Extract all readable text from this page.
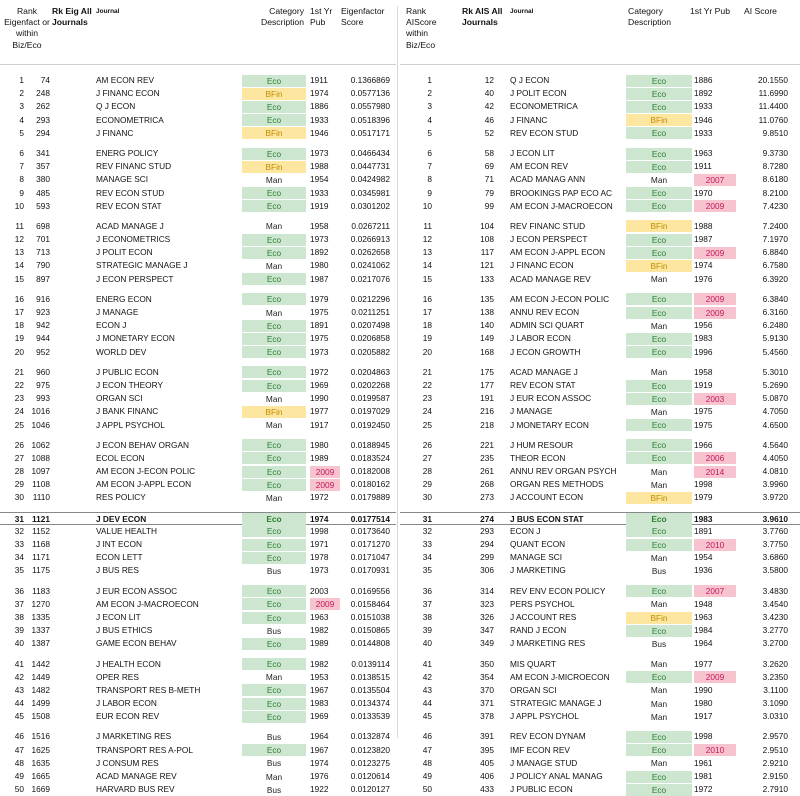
Rank Eigenfact or within Biz/Eco
Rk Eig All Journals
Journal	Category Description
1st Yr Pub
Eigenfactor Score
1	74	AM ECON REV	Eco	1911	0.1366869
2	248	J FINANC ECON	BFin	1974	0.0577136
3	262	Q J ECON	Eco	1886	0.0557980
4	293	ECONOMETRICA	Eco	1933	0.0518396
5	294	J FINANC	BFin	1946	0.0517171
6	341	ENERG POLICY	Eco	1973	0.0466434
7	357	REV FINANC STUD	BFin	1988	0.0447731
8	380	MANAGE SCI	Man	1954	0.0424982
9	485	REV ECON STUD	Eco	1933	0.0345981
10	593	REV ECON STAT	Eco	1919	0.0301202
11	698	ACAD MANAGE J	Man	1958	0.0267211
12	701	J ECONOMETRICS	Eco	1973	0.0266913
13	713	J POLIT ECON	Eco	1892	0.0262658
14	790	STRATEGIC MANAGE J	Man	1980	0.0241062
15	897	J ECON PERSPECT	Eco	1987	0.0217076
16	916	ENERG ECON	Eco	1979	0.0212296
17	923	J MANAGE	Man	1975	0.0211251
18	942	ECON J	Eco	1891	0.0207498
19	944	J MONETARY ECON	Eco	1975	0.0206858
20	952	WORLD DEV	Eco	1973	0.0205882
21	960	J PUBLIC ECON	Eco	1972	0.0204863
22	975	J ECON THEORY	Eco	1969	0.0202268
23	993	ORGAN SCI	Man	1990	0.0199587
24 1016	J BANK FINANC	BFin	1977	0.0197029
25 1046	J APPL PSYCHOL	Man	1917	0.0192450
26 1062	J ECON BEHAV ORGAN	Eco	1980	0.0188945
27 1088	ECOL ECON	Eco	1989	0.0183524
28 1097	AM ECON J-ECON POLIC	Eco	2009	0.0182008
29 1108	AM ECON J-APPL ECON	Eco	2009	0.0180162
30	1110	RES POLICY	Man	1972	0.0179889
31 1121	J DEV ECON	Eco	1974	0.0177514
32 1152	VALUE HEALTH	Eco	1998	0.0173640
33 1168	J INT ECON	Eco	1971	0.0171270
34 1171	ECON LETT	Eco	1978	0.0171047
35 1175	J BUS RES	Bus	1973	0.0170931
36 1183	J EUR ECON ASSOC	Eco	2003	0.0169556
37 1270	AM ECON J-MACROECON	Eco	2009	0.0158464
38 1335	J ECON LIT	Eco	1963	0.0151038
39 1337	J BUS ETHICS	Bus	1982	0.0150865
40 1387	GAME ECON BEHAV	Eco	1989	0.0144808
41 1442	J HEALTH ECON	Eco	1982	0.0139114
42 1449	OPER RES	Man	1953	0.0138515
43 1482	TRANSPORT RES B-METH	Eco	1967	0.0135504
44 1499	J LABOR ECON	Eco	1983	0.0134374
45 1508	EUR ECON REV	Eco	1969	0.0133539
46 1516	J MARKETING RES	Bus	1964	0.0132874
47 1625	TRANSPORT RES A-POL	Eco	1967	0.0123820
48 1635	J CONSUM RES	Bus	1974	0.0123275
49 1665	ACAD MANAGE REV	Man	1976	0.0120614
50 1669	HARVARD BUS REV	Bus	1922	0.0120127
Rank AIScore within Biz/Eco
Rk AIS All Journals
Journal	Category Description
1st Yr Pub	AI Score
1	12 Q J ECON	Eco	1886	20.1550
2	40 J POLIT ECON	Eco	1892	11.6990
3	42 ECONOMETRICA	Eco	1933	11.4400
4	46 J FINANC	BFin	1946	11.0760
5	52 REV ECON STUD	Eco	1933	9.8510
6	58 J ECON LIT	Eco	1963	9.3730
7	69 AM ECON REV	Eco	1911	8.7280
8	71 ACAD MANAG ANN	Man	2007	8.6180
9	79 BROOKINGS PAP ECO AC	Eco	1970	8.2100
10	99 AM ECON J-MACROECON	Eco	2009	7.4230
11	104 REV FINANC STUD	BFin	1988	7.2400
12	108 J ECON PERSPECT	Eco	1987	7.1970
13	117 AM ECON J-APPL ECON	Eco	2009	6.8840
14	121 J FINANC ECON	BFin	1974	6.7580
15	133 ACAD MANAGE REV	Man	1976	6.3920
16	135 AM ECON J-ECON POLIC	Eco	2009	6.3840
17	138 ANNU REV ECON	Eco	2009	6.3160
18	140 ADMIN SCI QUART	Man	1956	6.2480
19	149 J LABOR ECON	Eco	1983	5.9130
20	168 J ECON GROWTH	Eco	1996	5.4560
21	175 ACAD MANAGE J	Man	1958	5.3010
22	177 REV ECON STAT	Eco	1919	5.2690
23	191 J EUR ECON ASSOC	Eco	2003	5.0870
24	216 J MANAGE	Man	1975	4.7050
25	218 J MONETARY ECON	Eco	1975	4.6500
26	221 J HUM RESOUR	Eco	1966	4.5640
27	235 THEOR ECON	Eco	2006	4.4050
28	261 ANNU REV ORGAN PSYCH	Man	2014	4.0810
29	268 ORGAN RES METHODS	Man	1998	3.9960
30	273 J ACCOUNT ECON	BFin	1979	3.9720
31	274 J BUS ECON STAT	Eco	1983	3.9610
32	293 ECON J	Eco	1891	3.7760
33	294 QUANT ECON	Eco	2010	3.7750
34	299 MANAGE SCI	Man	1954	3.6860
35	306 J MARKETING	Bus	1936	3.5800
36	314 REV ENV ECON POLICY	Eco	2007	3.4830
37	323 PERS PSYCHOL	Man	1948	3.4540
38	326 J ACCOUNT RES	BFin	1963	3.4230
39	347 RAND J ECON	Eco	1984	3.2770
40	349 J MARKETING RES	Bus	1964	3.2700
41	350 MIS QUART	Man	1977	3.2620
42	354 AM ECON J-MICROECON	Eco	2009	3.2350
43	370 ORGAN SCI	Man	1990	3.1100
44	371 STRATEGIC MANAGE J	Man	1980	3.1090
45	378 J APPL PSYCHOL	Man	1917	3.0310
46	391 REV ECON DYNAM	Eco	1998	2.9570
47	395 IMF ECON REV	Eco	2010	2.9510
48	405 J MANAGE STUD	Man	1961	2.9210
49	406 J POLICY ANAL MANAG	Eco	1981	2.9150
50	433 J PUBLIC ECON	Eco	1972	2.7910
